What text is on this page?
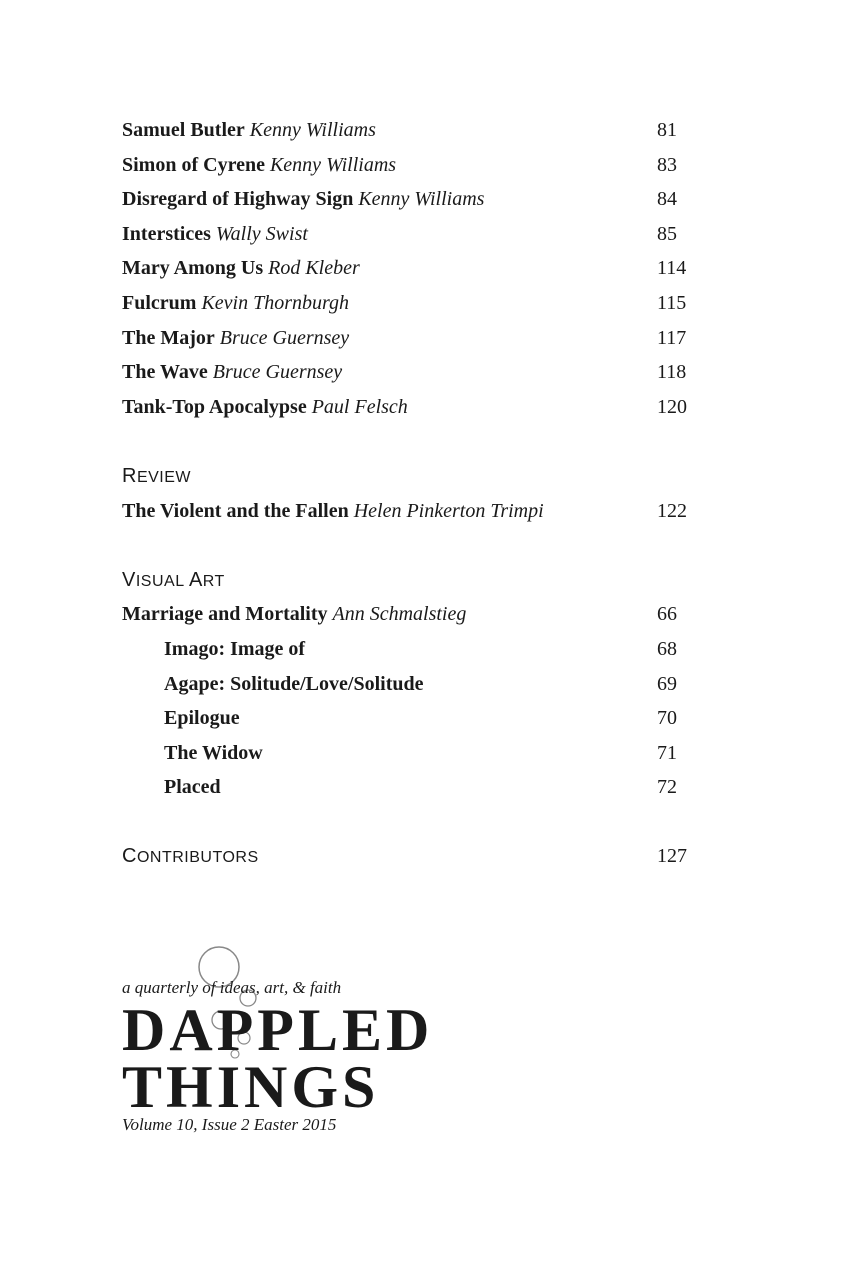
Samuel Butler Kenny Williams	81
Simon of Cyrene Kenny Williams	83
Disregard of Highway Sign Kenny Williams	84
Interstices Wally Swist	85
Mary Among Us Rod Kleber	114
Fulcrum Kevin Thornburgh	115
The Major Bruce Guernsey	117
The Wave Bruce Guernsey	118
Tank-Top Apocalypse Paul Felsch	120
REVIEW
The Violent and the Fallen Helen Pinkerton Trimpi	122
VISUAL ART
Marriage and Mortality Ann Schmalstieg	66
Imago: Image of	68
Agape: Solitude/Love/Solitude	69
Epilogue	70
The Widow	71
Placed	72
CONTRIBUTORS	127
a quarterly of ideas, art, & faith
DAPPLED
THINGS
Volume 10, Issue 2 Easter 2015
